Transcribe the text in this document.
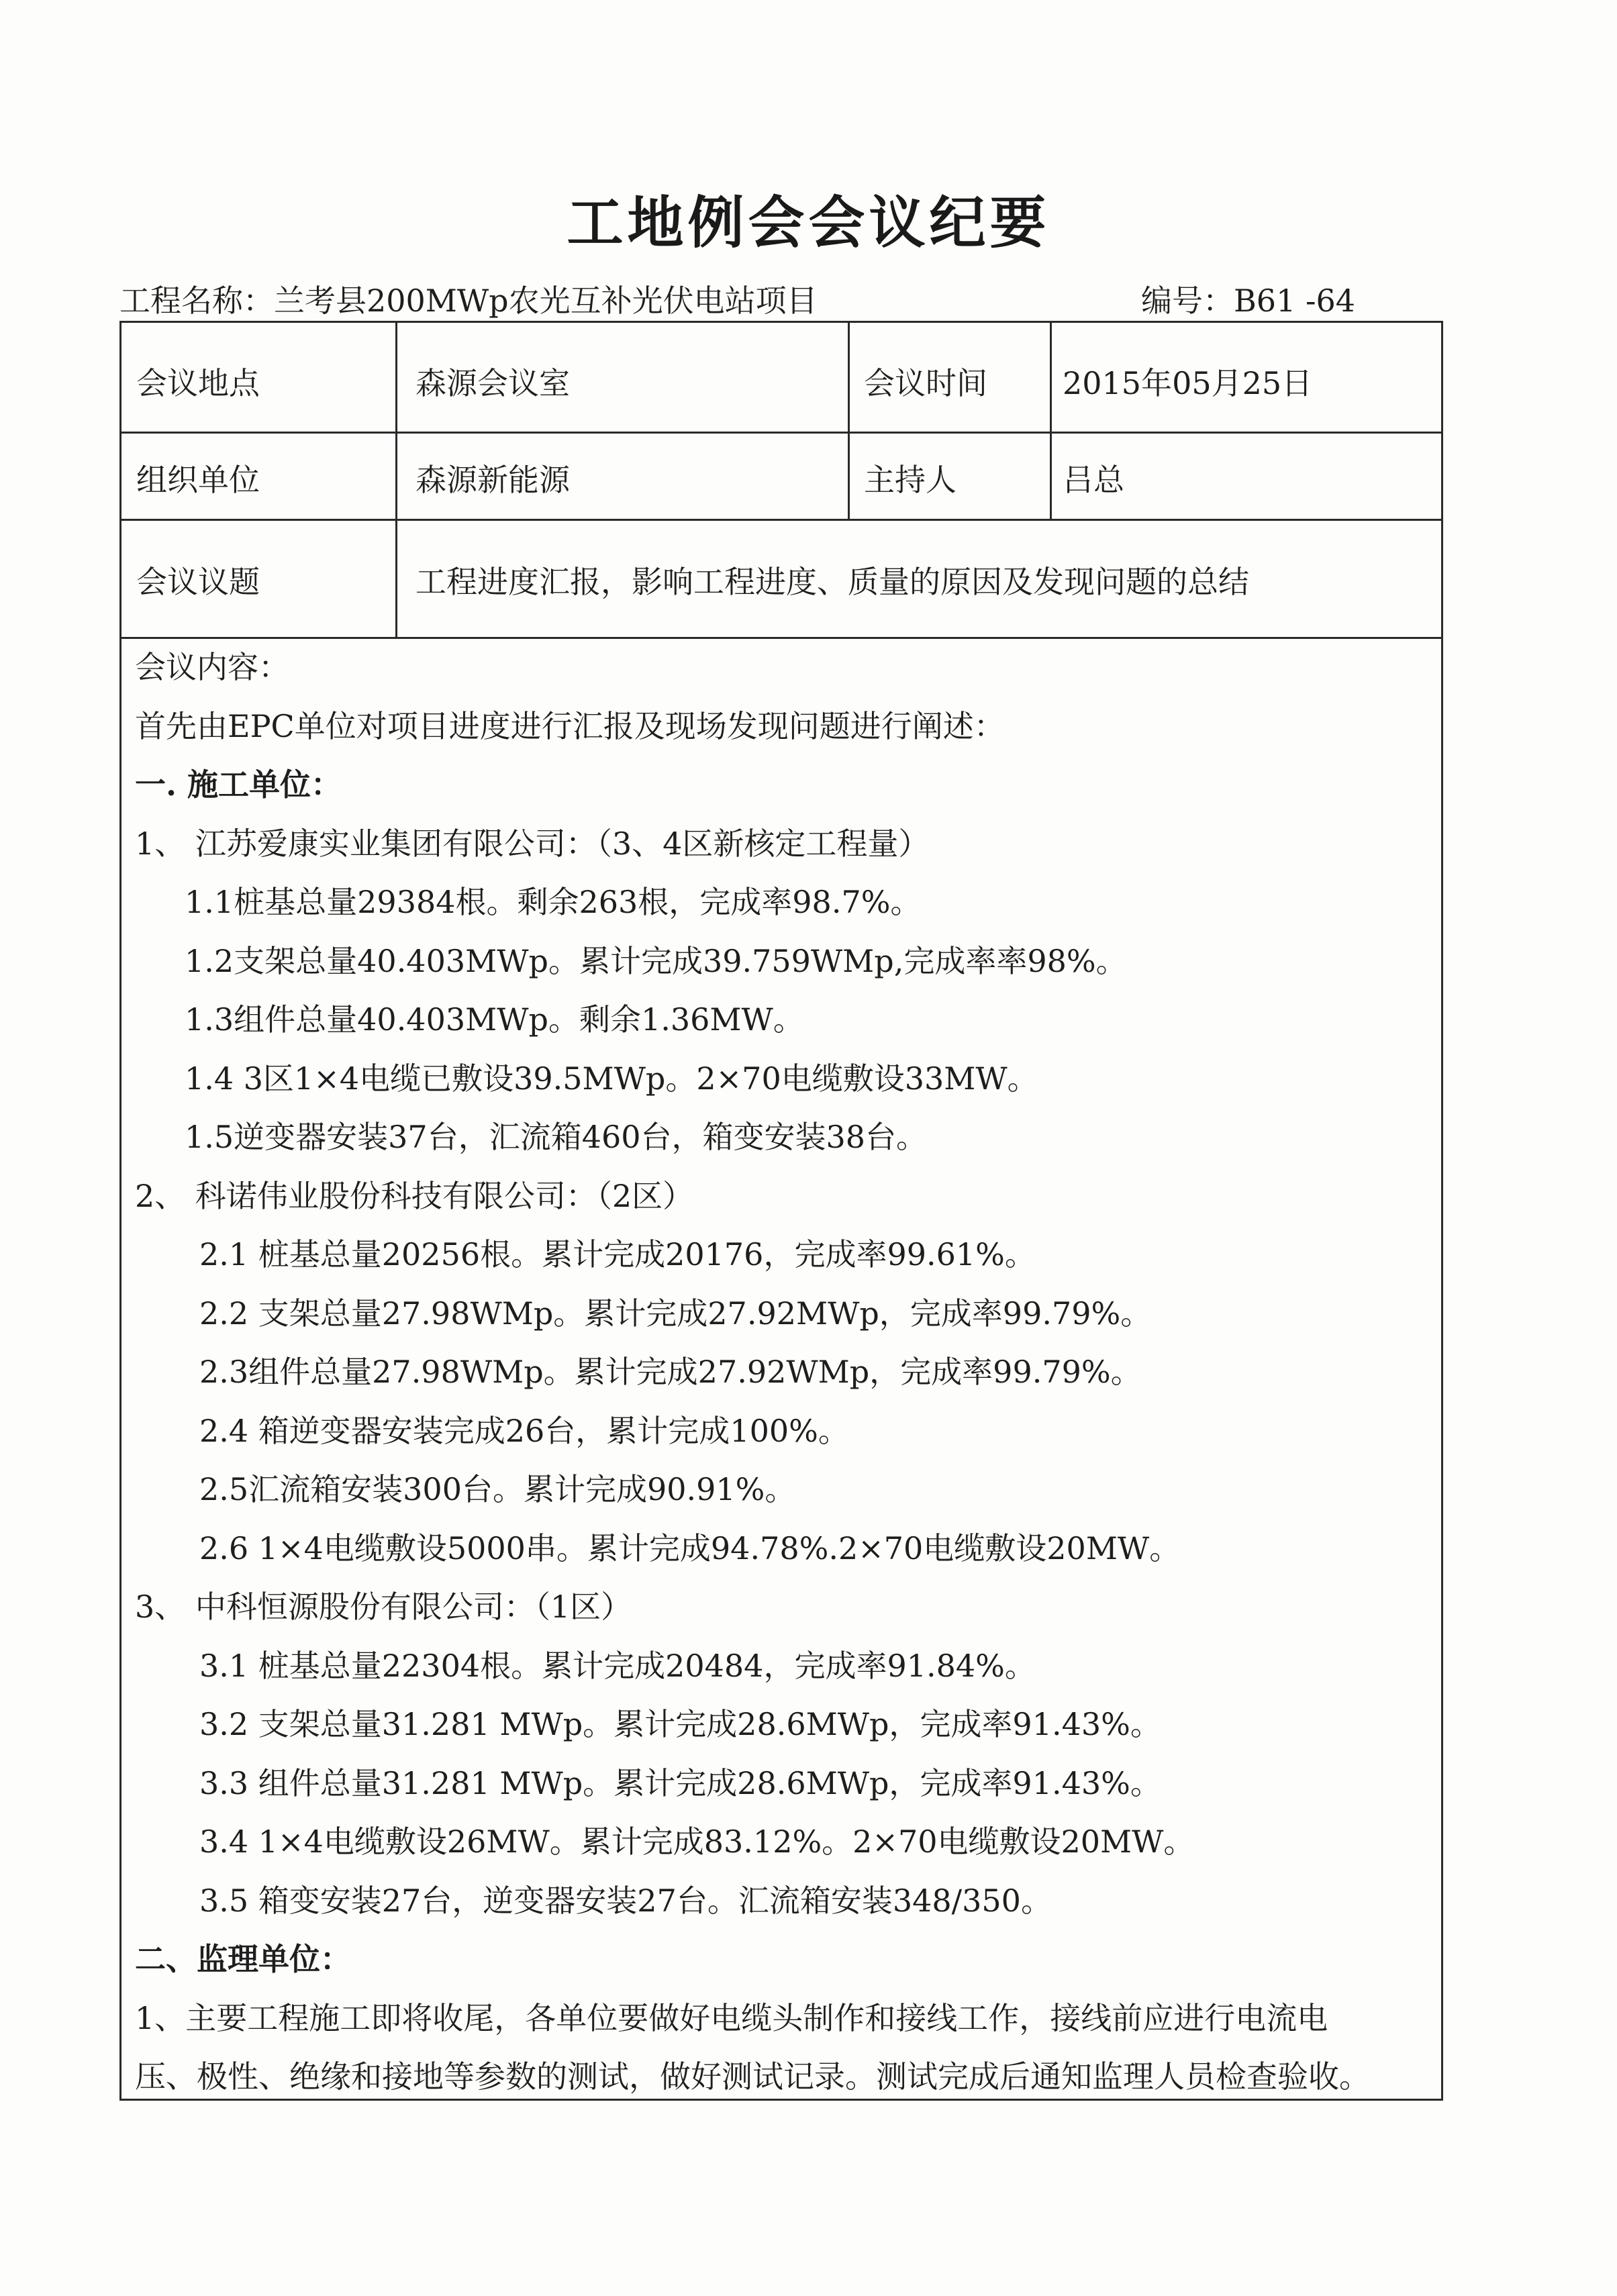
工地例会会议纪要
工程名称：兰考县200MWp农光互补光伏电站项目	编号：B61 -64
会议地点	森源会议室	会议时间 2015年05月25日
组织单位	森源新能源	主持人	吕总
会议议题	工程进度汇报，影响工程进度、质量的原因及发现问题的总结
会议内容：
首先由EPC单位对项目进度进行汇报及现场发现问题进行阐述：
一. 施工单位：
1、 江苏爱康实业集团有限公司：（3、4区新核定工程量）
1.1桩基总量29384根。剩余263根，完成率98.7%。
1.2支架总量40.403MWp。累计完成39.759WMp,完成率率98%。
1.3组件总量40.403MWp。剩余1.36MW。
1.4 3区1×4电缆已敷设39.5MWp。2×70电缆敷设33MW。
1.5逆变器安装37台，汇流箱460台，箱变安装38台。
2、 科诺伟业股份科技有限公司：（2区）
2.1 桩基总量20256根。累计完成20176，完成率99.61%。
2.2 支架总量27.98WMp。累计完成27.92MWp，完成率99.79%。
2.3组件总量27.98WMp。累计完成27.92WMp，完成率99.79%。
2.4 箱逆变器安装完成26台，累计完成100%。
2.5汇流箱安装300台。累计完成90.91%。
2.6 1×4电缆敷设5000串。累计完成94.78%.2×70电缆敷设20MW。
3、 中科恒源股份有限公司：（1区）
3.1 桩基总量22304根。累计完成20484，完成率91.84%。
3.2 支架总量31.281 MWp。累计完成28.6MWp，完成率91.43%。
3.3 组件总量31.281 MWp。累计完成28.6MWp，完成率91.43%。
3.4 1×4电缆敷设26MW。累计完成83.12%。2×70电缆敷设20MW。
3.5 箱变安装27台，逆变器安装27台。汇流箱安装348/350。
二、监理单位：
1、主要工程施工即将收尾，各单位要做好电缆头制作和接线工作，接线前应进行电流电
压、极性、绝缘和接地等参数的测试，做好测试记录。测试完成后通知监理人员检查验收。
